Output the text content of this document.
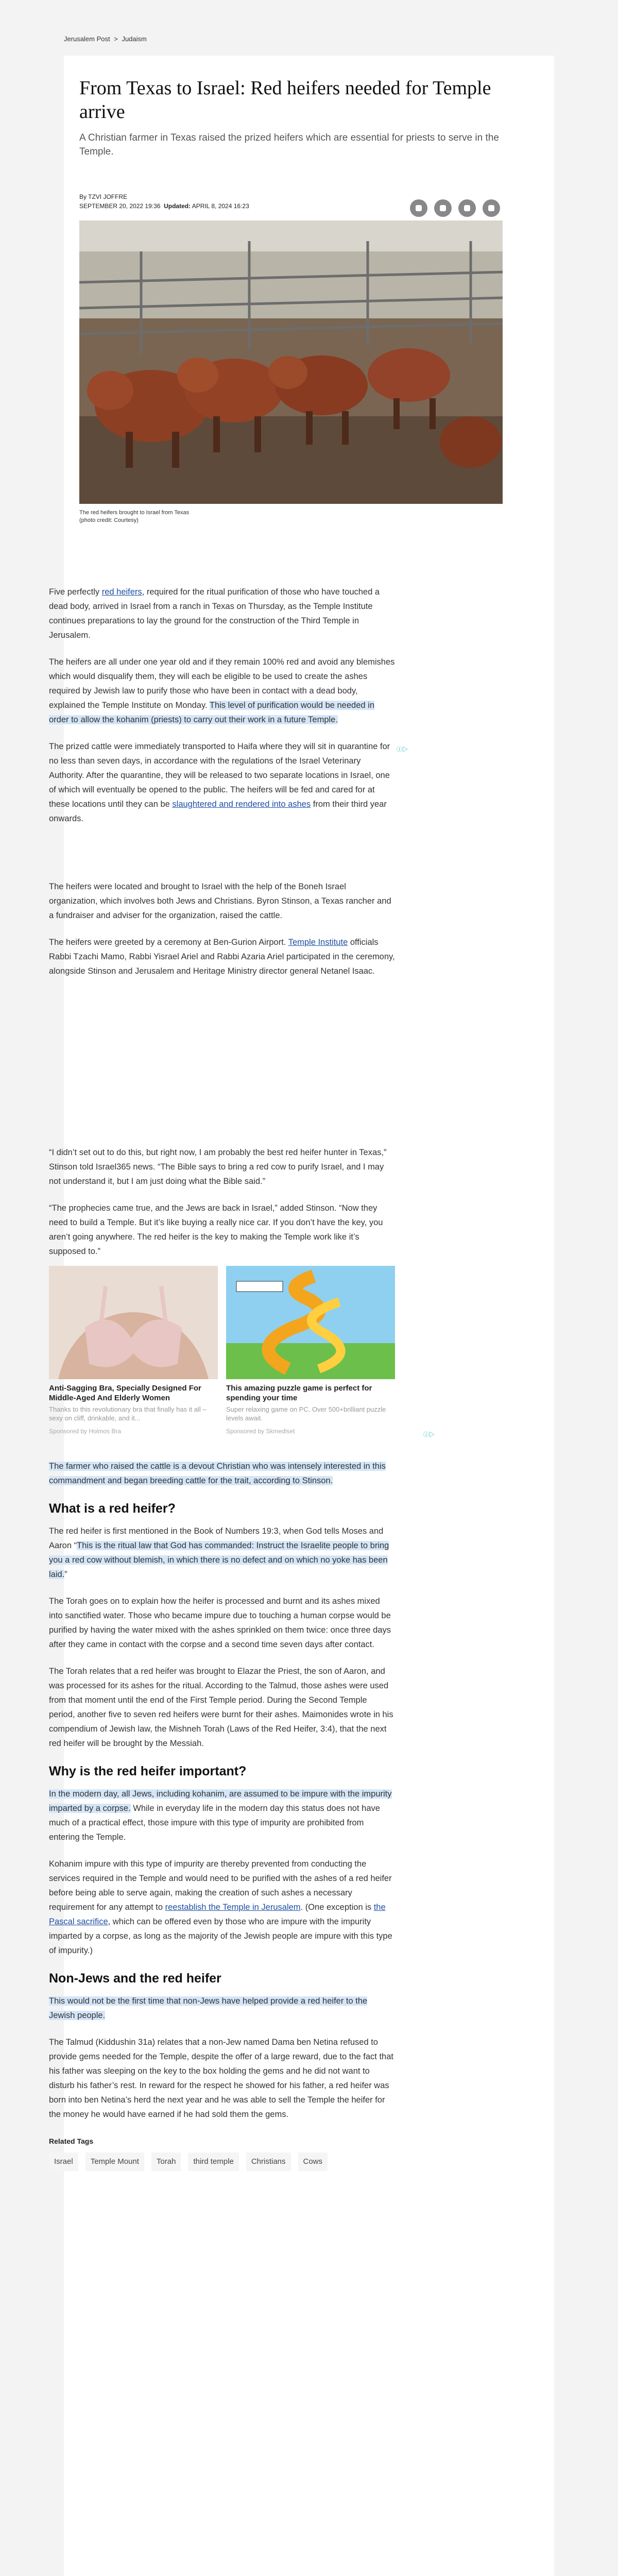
Jerusalem Post > Judaism
From Texas to Israel: Red heifers needed for Temple arrive
A Christian farmer in Texas raised the prized heifers which are essential for priests to serve in the Temple.
By TZVI JOFFRE
SEPTEMBER 20, 2022 19:36 Updated: APRIL 8, 2024 16:23
The red heifers brought to Israel from Texas
(photo credit: Courtesy)
ⓘ▷
ⓘ▷

Five perfectly red heifers, required for the ritual purification of those who have touched a dead body, arrived in Israel from a ranch in Texas on Thursday, as the Temple Institute continues preparations to lay the ground for the construction of the Third Temple in Jerusalem.

The heifers are all under one year old and if they remain 100% red and avoid any blemishes which would disqualify them, they will each be eligible to be used to create the ashes required by Jewish law to purify those who have been in contact with a dead body, explained the Temple Institute on Monday. This level of purification would be needed in order to allow the kohanim (priests) to carry out their work in a future Temple.

The prized cattle were immediately transported to Haifa where they will sit in quarantine for no less than seven days, in accordance with the regulations of the Israel Veterinary Authority. After the quarantine, they will be released to two separate locations in Israel, one of which will eventually be opened to the public. The heifers will be fed and cared for at these locations until they can be slaughtered and rendered into ashes from their third year onwards.

The heifers were located and brought to Israel with the help of the Boneh Israel organization, which involves both Jews and Christians. Byron Stinson, a Texas rancher and a fundraiser and adviser for the organization, raised the cattle.

The heifers were greeted by a ceremony at Ben-Gurion Airport. Temple Institute officials Rabbi Tzachi Mamo, Rabbi Yisrael Ariel and Rabbi Azaria Ariel participated in the ceremony, alongside Stinson and Jerusalem and Heritage Ministry director general Netanel Isaac.

“I didn’t set out to do this, but right now, I am probably the best red heifer hunter in Texas,” Stinson told Israel365 news. “The Bible says to bring a red cow to purify Israel, and I may not understand it, but I am just doing what the Bible said.”

“The prophecies came true, and the Jews are back in Israel,” added Stinson. “Now they need to build a Temple. But it’s like buying a really nice car. If you don’t have the key, you aren’t going anywhere. The red heifer is the key to making the Temple work like it’s supposed to.”

Anti-Sagging Bra, Specially Designed For Middle-Aged And Elderly Women
Thanks to this revolutionary bra that finally has it all – sexy on cliff, drinkable, and it...
Sponsored by Holmos Bra
This amazing puzzle game is perfect for spending your time
Super relaxing game on PC. Over 500+brilliant puzzle levels await.
Sponsored by Skmedlset

The farmer who raised the cattle is a devout Christian who was intensely interested in this commandment and began breeding cattle for the trait, according to Stinson.

What is a red heifer?

The red heifer is first mentioned in the Book of Numbers 19:3, when God tells Moses and Aaron “This is the ritual law that God has commanded: Instruct the Israelite people to bring you a red cow without blemish, in which there is no defect and on which no yoke has been laid.”

The Torah goes on to explain how the heifer is processed and burnt and its ashes mixed into sanctified water. Those who became impure due to touching a human corpse would be purified by having the water mixed with the ashes sprinkled on them twice: once three days after they came in contact with the corpse and a second time seven days after contact.

The Torah relates that a red heifer was brought to Elazar the Priest, the son of Aaron, and was processed for its ashes for the ritual. According to the Talmud, those ashes were used from that moment until the end of the First Temple period. During the Second Temple period, another five to seven red heifers were burnt for their ashes. Maimonides wrote in his compendium of Jewish law, the Mishneh Torah (Laws of the Red Heifer, 3:4), that the next red heifer will be brought by the Messiah.

Why is the red heifer important?

In the modern day, all Jews, including kohanim, are assumed to be impure with the impurity imparted by a corpse. While in everyday life in the modern day this status does not have much of a practical effect, those impure with this type of impurity are prohibited from entering the Temple.

Kohanim impure with this type of impurity are thereby prevented from conducting the services required in the Temple and would need to be purified with the ashes of a red heifer before being able to serve again, making the creation of such ashes a necessary requirement for any attempt to reestablish the Temple in Jerusalem. (One exception is the Pascal sacrifice, which can be offered even by those who are impure with the impurity imparted by a corpse, as long as the majority of the Jewish people are impure with this type of impurity.)

Non-Jews and the red heifer

This would not be the first time that non-Jews have helped provide a red heifer to the Jewish people.

The Talmud (Kiddushin 31a) relates that a non-Jew named Dama ben Netina refused to provide gems needed for the Temple, despite the offer of a large reward, due to the fact that his father was sleeping on the key to the box holding the gems and he did not want to disturb his father’s rest. In reward for the respect he showed for his father, a red heifer was born into ben Netina’s herd the next year and he was able to sell the Temple the heifer for the money he would have earned if he had sold them the gems.

Related Tags
Israel	Temple Mount	Torah	third temple	Christians	Cows
